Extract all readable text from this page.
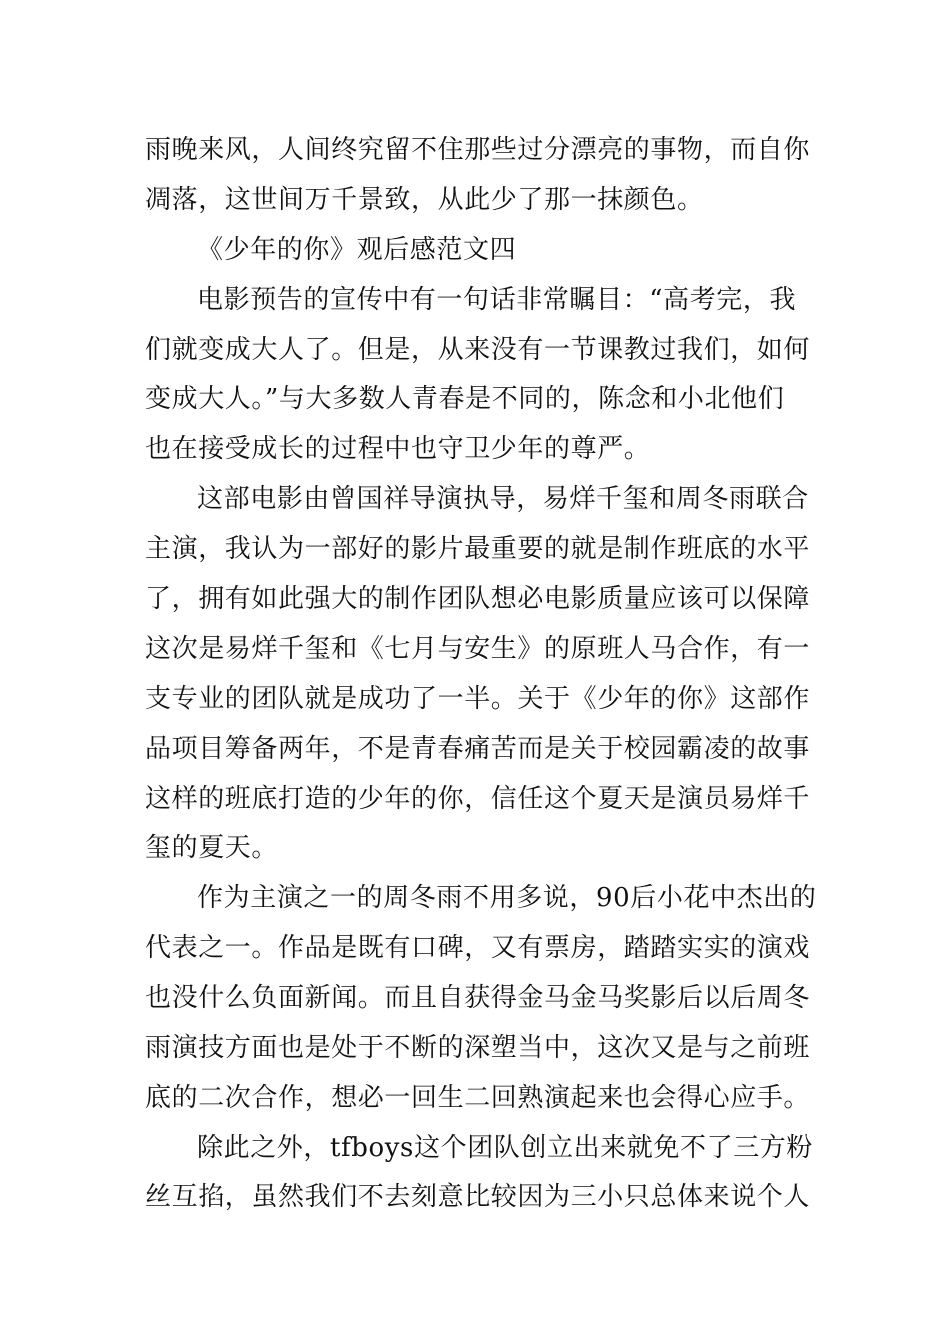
雨晚来风，人间终究留不住那些过分漂亮的事物，而自你
凋落，这世间万千景致，从此少了那一抹颜色。
《少年的你》观后感范文四
电影预告的宣传中有一句话非常瞩目：“高考完，我
们就变成大人了。但是，从来没有一节课教过我们，如何
变成大人。”与大多数人青春是不同的，陈念和小北他们
也在接受成长的过程中也守卫少年的尊严。
这部电影由曾国祥导演执导，易烊千玺和周冬雨联合
主演，我认为一部好的影片最重要的就是制作班底的水平
了，拥有如此强大的制作团队想必电影质量应该可以保障
这次是易烊千玺和《七月与安生》的原班人马合作，有一
支专业的团队就是成功了一半。关于《少年的你》这部作
品项目筹备两年，不是青春痛苦而是关于校园霸凌的故事
这样的班底打造的少年的你，信任这个夏天是演员易烊千
玺的夏天。
作为主演之一的周冬雨不用多说，90后小花中杰出的
代表之一。作品是既有口碑，又有票房，踏踏实实的演戏
也没什么负面新闻。而且自获得金马金马奖影后以后周冬
雨演技方面也是处于不断的深塑当中，这次又是与之前班
底的二次合作，想必一回生二回熟演起来也会得心应手。
除此之外，tfboys这个团队创立出来就免不了三方粉
丝互掐，虽然我们不去刻意比较因为三小只总体来说个人
